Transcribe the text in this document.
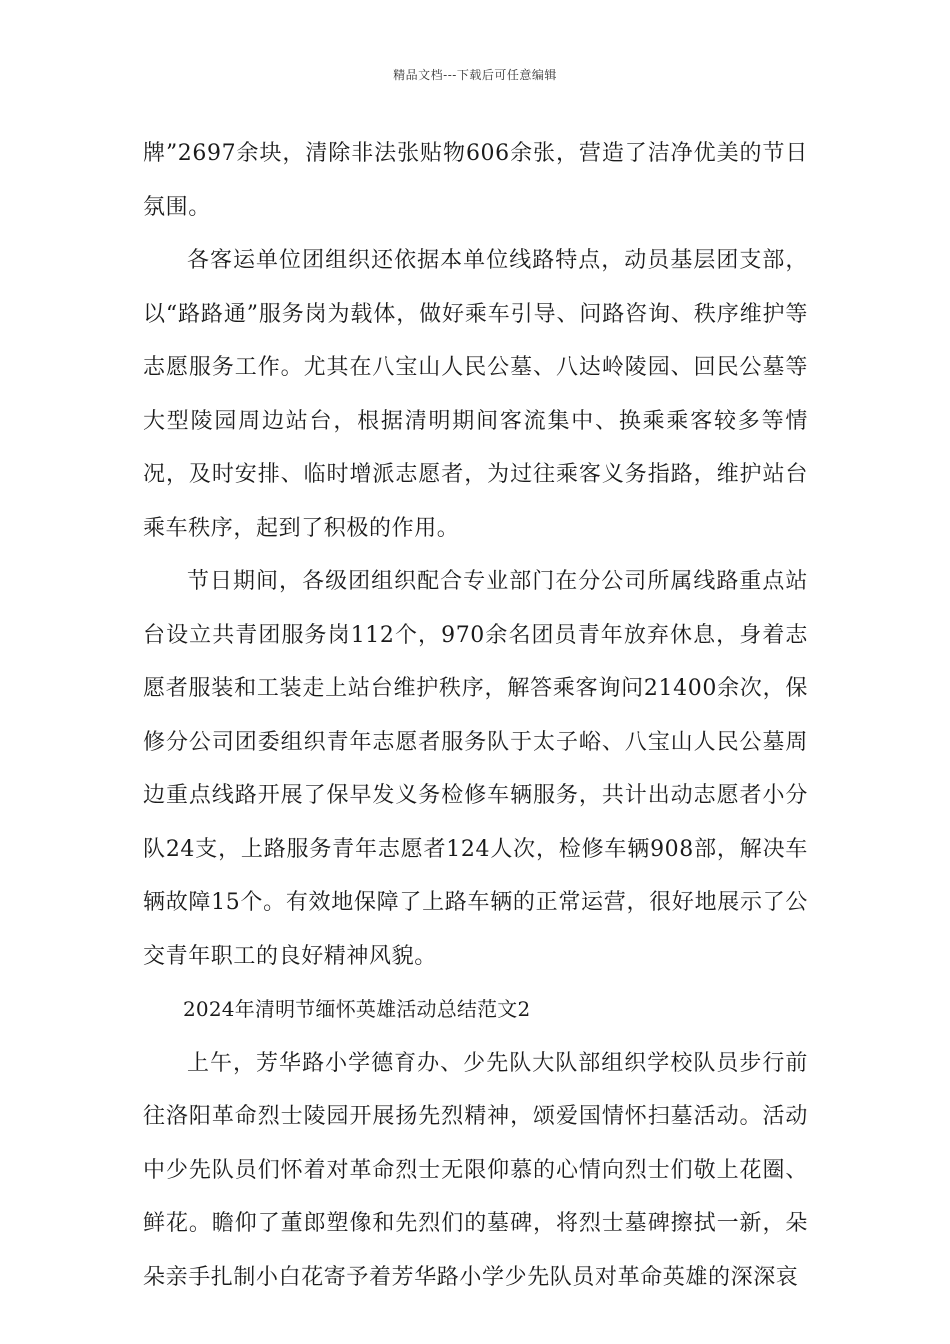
精品文档---下载后可任意编辑

牌”2697余块，清除非法张贴物606余张，营造了洁净优美的节日氛围。

各客运单位团组织还依据本单位线路特点，动员基层团支部，以“路路通”服务岗为载体，做好乘车引导、问路咨询、秩序维护等志愿服务工作。尤其在八宝山人民公墓、八达岭陵园、回民公墓等大型陵园周边站台，根据清明期间客流集中、换乘乘客较多等情况，及时安排、临时增派志愿者，为过往乘客义务指路，维护站台乘车秩序，起到了积极的作用。

节日期间，各级团组织配合专业部门在分公司所属线路重点站台设立共青团服务岗112个，970余名团员青年放弃休息，身着志愿者服装和工装走上站台维护秩序，解答乘客询问21400余次，保修分公司团委组织青年志愿者服务队于太子峪、八宝山人民公墓周边重点线路开展了保早发义务检修车辆服务，共计出动志愿者小分队24支，上路服务青年志愿者124人次，检修车辆908部，解决车辆故障15个。有效地保障了上路车辆的正常运营，很好地展示了公交青年职工的良好精神风貌。

2024年清明节缅怀英雄活动总结范文2

上午，芳华路小学德育办、少先队大队部组织学校队员步行前往洛阳革命烈士陵园开展扬先烈精神，颂爱国情怀扫墓活动。活动中少先队员们怀着对革命烈士无限仰慕的心情向烈士们敬上花圈、鲜花。瞻仰了董郎塑像和先烈们的墓碑，将烈士墓碑擦拭一新，朵朵亲手扎制小白花寄予着芳华路小学少先队员对革命英雄的深深哀
